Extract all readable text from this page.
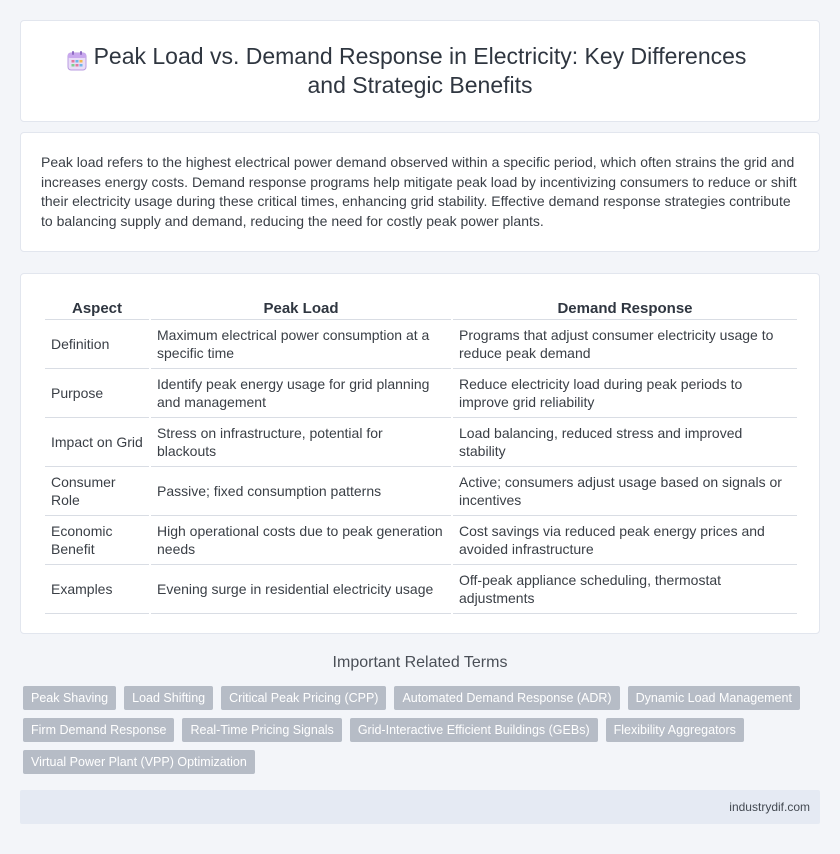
Peak Load vs. Demand Response in Electricity: Key Differences and Strategic Benefits

Peak load refers to the highest electrical power demand observed within a specific period, which often strains the grid and increases energy costs. Demand response programs help mitigate peak load by incentivizing consumers to reduce or shift their electricity usage during these critical times, enhancing grid stability. Effective demand response strategies contribute to balancing supply and demand, reducing the need for costly peak power plants.

Aspect	Peak Load	Demand Response
Definition	Maximum electrical power consumption at a specific time	Programs that adjust consumer electricity usage to reduce peak demand
Purpose	Identify peak energy usage for grid planning and management	Reduce electricity load during peak periods to improve grid reliability
Impact on Grid	Stress on infrastructure, potential for blackouts	Load balancing, reduced stress and improved stability
Consumer Role	Passive; fixed consumption patterns	Active; consumers adjust usage based on signals or incentives
Economic Benefit	High operational costs due to peak generation needs	Cost savings via reduced peak energy prices and avoided infrastructure
Examples	Evening surge in residential electricity usage	Off-peak appliance scheduling, thermostat adjustments
Important Related Terms
Peak Shaving	Load Shifting	Critical Peak Pricing (CPP)	Automated Demand Response (ADR)	Dynamic Load Management
Firm Demand Response	Real-Time Pricing Signals	Grid-Interactive Efficient Buildings (GEBs)	Flexibility Aggregators
Virtual Power Plant (VPP) Optimization
industrydif.com
